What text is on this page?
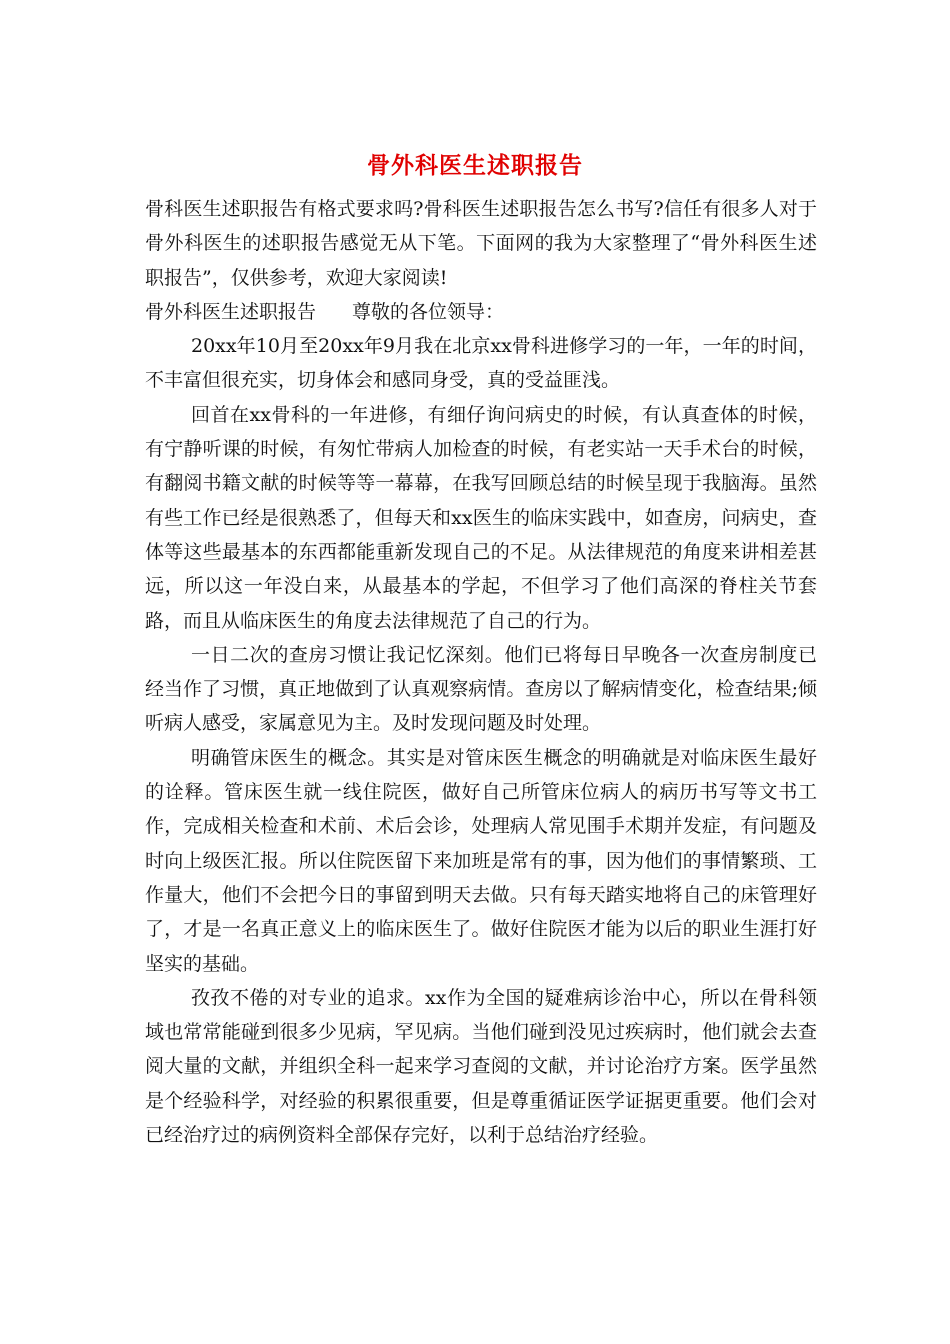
骨外科医生述职报告

骨科医生述职报告有格式要求吗?骨科医生述职报告怎么书写?信任有很多人对于骨外科医生的述职报告感觉无从下笔。下面网的我为大家整理了“骨外科医生述职报告”，仅供参考，欢迎大家阅读!

骨外科医生述职报告 尊敬的各位领导：

20xx年10月至20xx年9月我在北京xx骨科进修学习的一年，一年的时间，不丰富但很充实，切身体会和感同身受，真的受益匪浅。

回首在xx骨科的一年进修，有细仔询问病史的时候，有认真查体的时候，有宁静听课的时候，有匆忙带病人加检查的时候，有老实站一天手术台的时候，有翻阅书籍文献的时候等等一幕幕，在我写回顾总结的时候呈现于我脑海。虽然有些工作已经是很熟悉了，但每天和xx医生的临床实践中，如查房，问病史，查体等这些最基本的东西都能重新发现自己的不足。从法律规范的角度来讲相差甚远，所以这一年没白来，从最基本的学起，不但学习了他们高深的脊柱关节套路，而且从临床医生的角度去法律规范了自己的行为。

一日二次的查房习惯让我记忆深刻。他们已将每日早晚各一次查房制度已经当作了习惯，真正地做到了认真观察病情。查房以了解病情变化，检查结果;倾听病人感受，家属意见为主。及时发现问题及时处理。

明确管床医生的概念。其实是对管床医生概念的明确就是对临床医生最好的诠释。管床医生就一线住院医，做好自己所管床位病人的病历书写等文书工作，完成相关检查和术前、术后会诊，处理病人常见围手术期并发症，有问题及时向上级医汇报。所以住院医留下来加班是常有的事，因为他们的事情繁琐、工作量大，他们不会把今日的事留到明天去做。只有每天踏实地将自己的床管理好了，才是一名真正意义上的临床医生了。做好住院医才能为以后的职业生涯打好坚实的基础。

孜孜不倦的对专业的追求。xx作为全国的疑难病诊治中心，所以在骨科领域也常常能碰到很多少见病，罕见病。当他们碰到没见过疾病时，他们就会去查阅大量的文献，并组织全科一起来学习查阅的文献，并讨论治疗方案。医学虽然是个经验科学，对经验的积累很重要，但是尊重循证医学证据更重要。他们会对已经治疗过的病例资料全部保存完好，以利于总结治疗经验。
